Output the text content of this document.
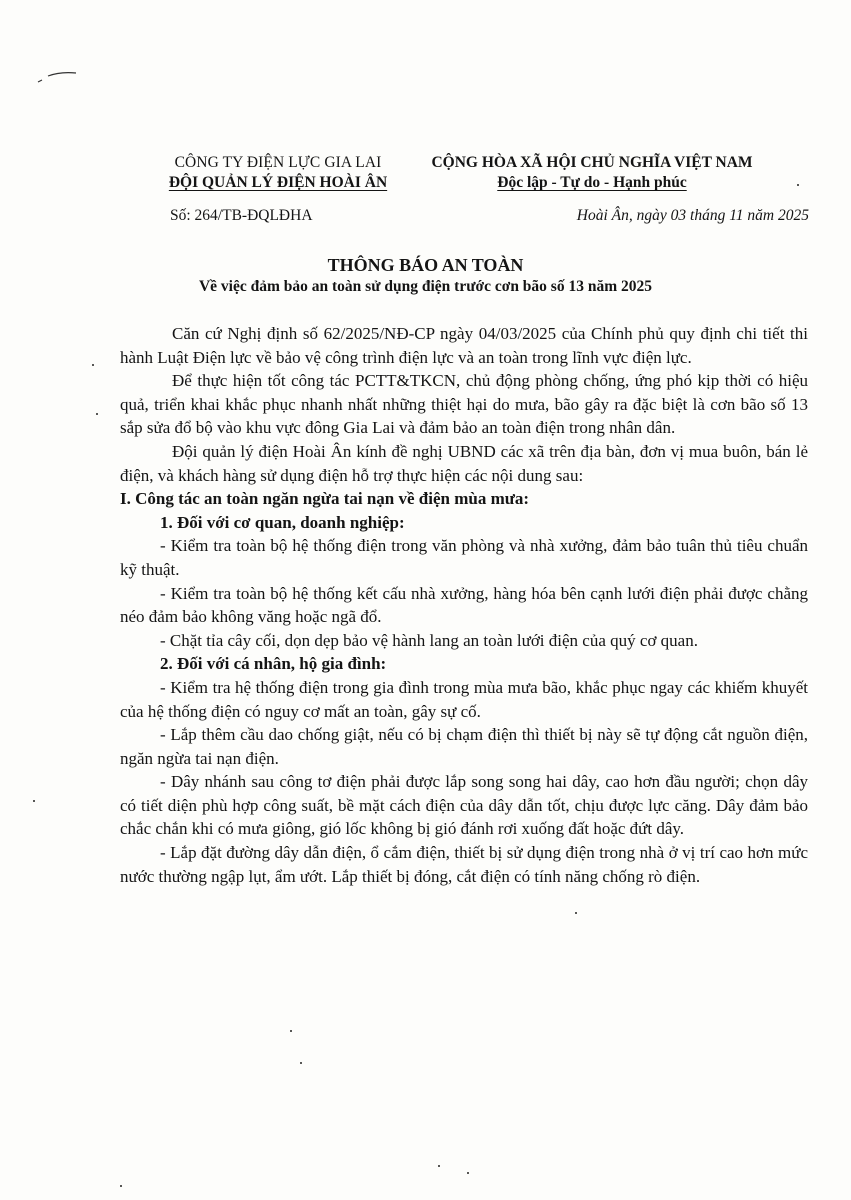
CÔNG TY ĐIỆN LỰC GIA LAI
ĐỘI QUẢN LÝ ĐIỆN HOÀI ÂN
CỘNG HÒA XÃ HỘI CHỦ NGHĨA VIỆT NAM
Độc lập - Tự do - Hạnh phúc
Số: 264/TB-ĐQLĐHA	Hoài Ân, ngày 03 tháng 11 năm 2025
THÔNG BÁO AN TOÀN
Về việc đảm bảo an toàn sử dụng điện trước cơn bão số 13 năm 2025

Căn cứ Nghị định số 62/2025/NĐ-CP ngày 04/03/2025 của Chính phủ quy định chi tiết thi hành Luật Điện lực về bảo vệ công trình điện lực và an toàn trong lĩnh vực điện lực.

Để thực hiện tốt công tác PCTT&TKCN, chủ động phòng chống, ứng phó kịp thời có hiệu quả, triển khai khắc phục nhanh nhất những thiệt hại do mưa, bão gây ra đặc biệt là cơn bão số 13 sắp sửa đổ bộ vào khu vực đông Gia Lai và đảm bảo an toàn điện trong nhân dân.

Đội quản lý điện Hoài Ân kính đề nghị UBND các xã trên địa bàn, đơn vị mua buôn, bán lẻ điện, và khách hàng sử dụng điện hỗ trợ thực hiện các nội dung sau:

I. Công tác an toàn ngăn ngừa tai nạn về điện mùa mưa:

1. Đối với cơ quan, doanh nghiệp:

- Kiểm tra toàn bộ hệ thống điện trong văn phòng và nhà xưởng, đảm bảo tuân thủ tiêu chuẩn kỹ thuật.

- Kiểm tra toàn bộ hệ thống kết cấu nhà xưởng, hàng hóa bên cạnh lưới điện phải được chằng néo đảm bảo không văng hoặc ngã đổ.

- Chặt tỉa cây cối, dọn dẹp bảo vệ hành lang an toàn lưới điện của quý cơ quan.

2. Đối với cá nhân, hộ gia đình:

- Kiểm tra hệ thống điện trong gia đình trong mùa mưa bão, khắc phục ngay các khiếm khuyết của hệ thống điện có nguy cơ mất an toàn, gây sự cố.

- Lắp thêm cầu dao chống giật, nếu có bị chạm điện thì thiết bị này sẽ tự động cắt nguồn điện, ngăn ngừa tai nạn điện.

- Dây nhánh sau công tơ điện phải được lắp song song hai dây, cao hơn đầu người; chọn dây có tiết diện phù hợp công suất, bề mặt cách điện của dây dẫn tốt, chịu được lực căng. Dây đảm bảo chắc chắn khi có mưa giông, gió lốc không bị gió đánh rơi xuống đất hoặc đứt dây.

- Lắp đặt đường dây dẫn điện, ổ cắm điện, thiết bị sử dụng điện trong nhà ở vị trí cao hơn mức nước thường ngập lụt, ẩm ướt. Lắp thiết bị đóng, cắt điện có tính năng chống rò điện.
